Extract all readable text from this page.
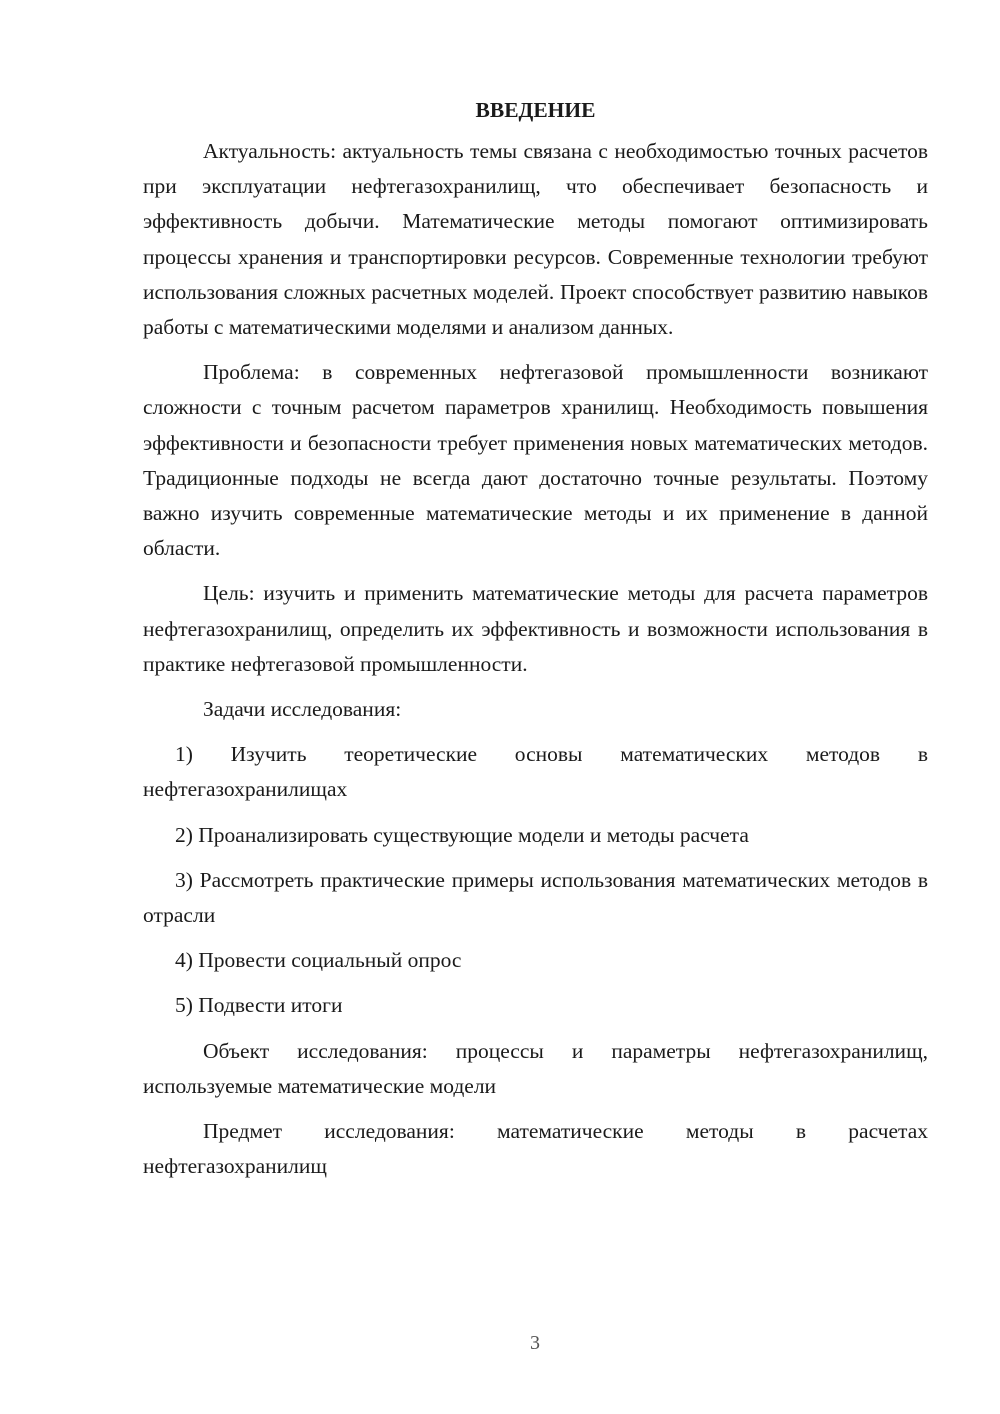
ВВЕДЕНИЕ

Актуальность: актуальность темы связана с необходимостью точных расчетов при эксплуатации нефтегазохранилищ, что обеспечивает безопасность и эффективность добычи. Математические методы помогают оптимизировать процессы хранения и транспортировки ресурсов. Современные технологии требуют использования сложных расчетных моделей. Проект способствует развитию навыков работы с математическими моделями и анализом данных.

Проблема: в современных нефтегазовой промышленности возникают сложности с точным расчетом параметров хранилищ. Необходимость повышения эффективности и безопасности требует применения новых математических методов. Традиционные подходы не всегда дают достаточно точные результаты. Поэтому важно изучить современные математические методы и их применение в данной области.

Цель: изучить и применить математические методы для расчета параметров нефтегазохранилищ, определить их эффективность и возможности использования в практике нефтегазовой промышленности.

Задачи исследования:

1) Изучить теоретические основы математических методов в нефтегазохранилищах

2) Проанализировать существующие модели и методы расчета

3) Рассмотреть практические примеры использования математических методов в отрасли

4) Провести социальный опрос

5) Подвести итоги

Объект исследования: процессы и параметры нефтегазохранилищ, используемые математические модели

Предмет исследования: математические методы в расчетах нефтегазохранилищ

3
